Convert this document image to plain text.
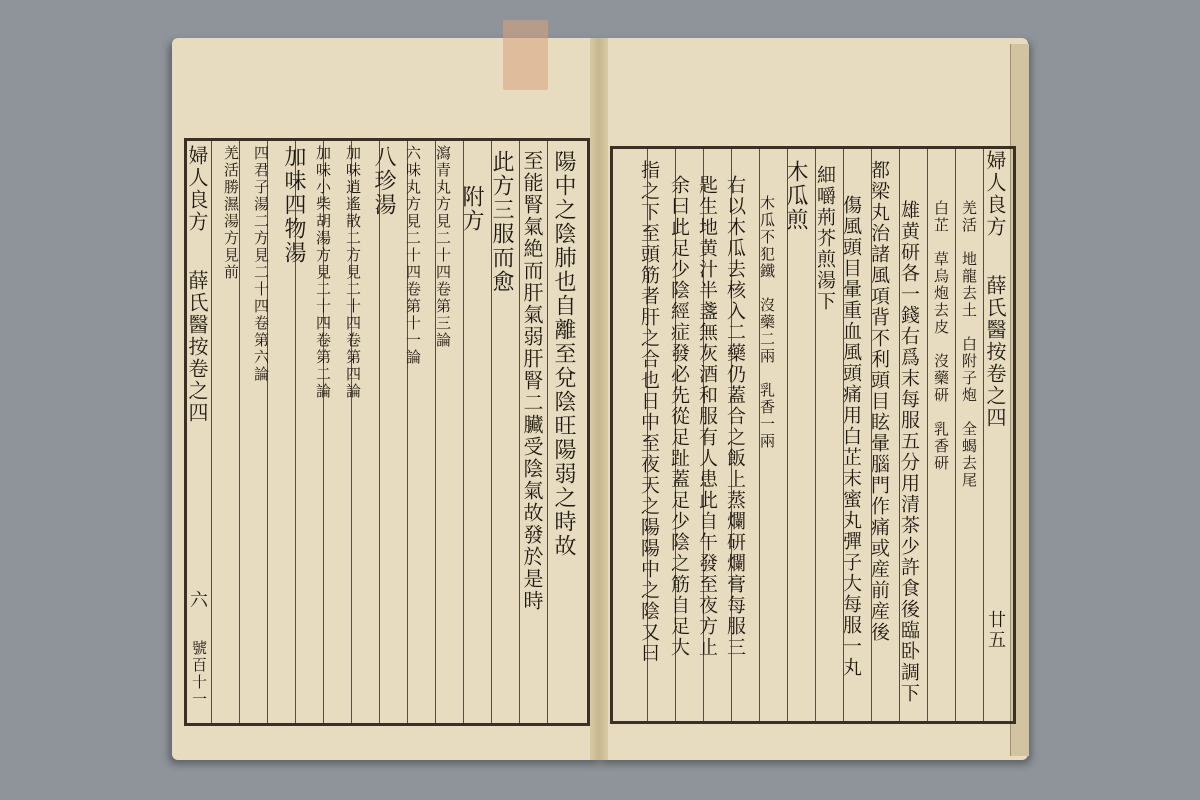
陽中之陰肺也自離至兌陰旺陽弱之時故
至能腎氣絶而肝氣弱肝腎二臟受陰氣故發於是時
此方三服而愈
附方
瀉青丸方見二十四卷第三論
六味丸方見二十四卷第十一論
八珍湯
加味逍遙散二方見二十四卷第四論
加味小柴胡湯方見二十四卷第二論
加味四物湯
四君子湯二方見二十四卷第六論
羌活勝濕湯方見前
婦人良方
薛氏醫按卷之四
六
號百十一
婦人良方
薛氏醫按卷之四
廿五
羌活　地龍去土　白附子炮　全蝎去尾
白芷　草烏炮去皮　沒藥研　乳香研
雄黄研各一錢右爲末每服五分用清茶少許食後臨卧調下
都梁丸治諸風項背不利頭目眩暈腦門作痛或産前産後
傷風頭目暈重血風頭痛用白芷末蜜丸彈子大每服一丸
細嚼荊芥煎湯下
木瓜煎
木瓜不犯鐵　沒藥二兩　乳香一兩
右以木瓜去核入二藥仍蓋合之飯上蒸爛研爛膏每服三
匙生地黄汁半盞無灰酒和服有人患此自午發至夜方止
余曰此足少陰經症發必先從足趾蓋足少陰之筋自足大
指之下至頭筋者肝之合也日中至夜天之陽陽中之陰又曰
